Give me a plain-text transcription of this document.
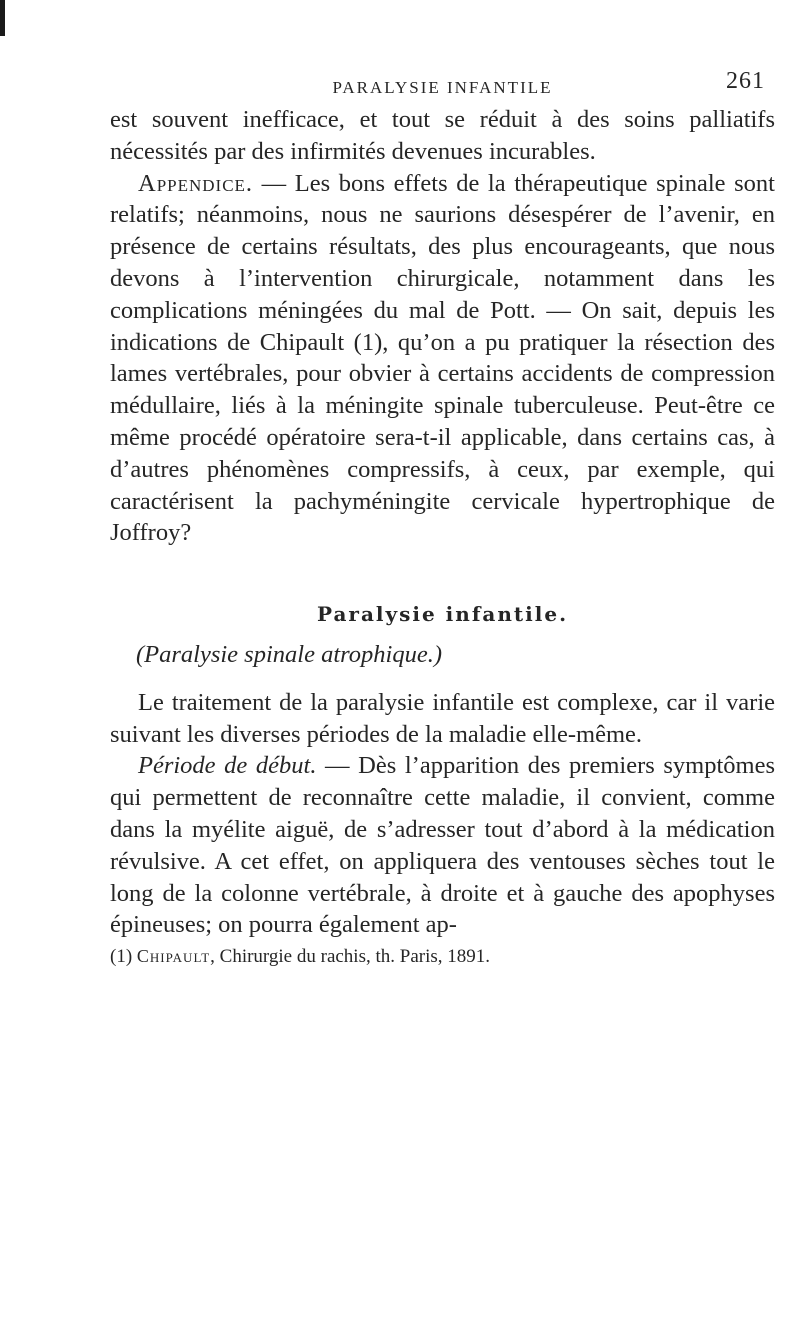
PARALYSIE INFANTILE	261

est souvent inefficace, et tout se réduit à des soins palliatifs nécessités par des infirmités devenues incurables.

Appendice. — Les bons effets de la thérapeutique spinale sont relatifs; néanmoins, nous ne saurions désespérer de l’avenir, en présence de certains résultats, des plus encourageants, que nous devons à l’intervention chirurgicale, notamment dans les complications méningées du mal de Pott. — On sait, depuis les indications de Chipault (1), qu’on a pu pratiquer la résection des lames vertébrales, pour obvier à certains accidents de compression médullaire, liés à la méningite spinale tuberculeuse. Peut-être ce même procédé opératoire sera-t-il applicable, dans certains cas, à d’autres phénomènes compressifs, à ceux, par exemple, qui caractérisent la pachyméningite cervicale hypertrophique de Joffroy?

Paralysie infantile.
(Paralysie spinale atrophique.)

Le traitement de la paralysie infantile est complexe, car il varie suivant les diverses périodes de la maladie elle-même.

Période de début. — Dès l’apparition des premiers symptômes qui permettent de reconnaître cette maladie, il convient, comme dans la myélite aiguë, de s’adresser tout d’abord à la médication révulsive. A cet effet, on appliquera des ventouses sèches tout le long de la colonne vertébrale, à droite et à gauche des apophyses épineuses; on pourra également ap-

(1) Chipault, Chirurgie du rachis, th. Paris, 1891.
